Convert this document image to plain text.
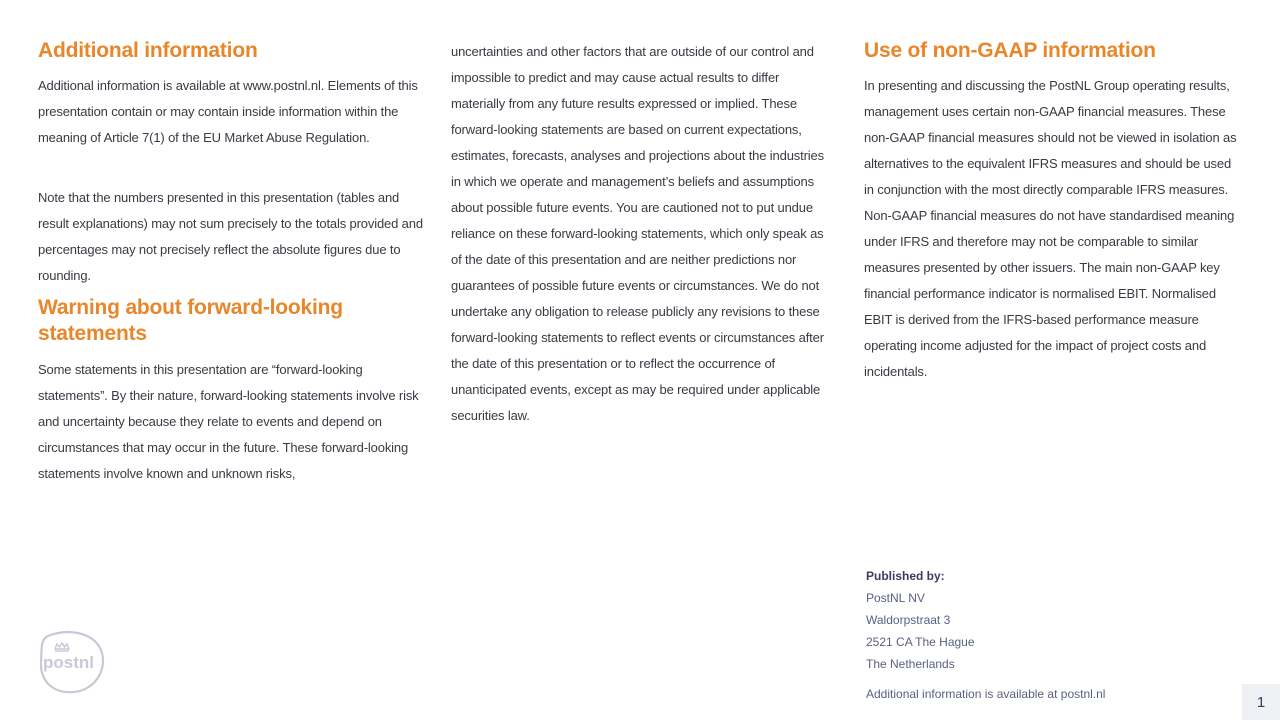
Additional information

Additional information is available at www.postnl.nl. Elements of this presentation contain or may contain inside information within the meaning of Article 7(1) of the EU Market Abuse Regulation.

Note that the numbers presented in this presentation (tables and result explanations) may not sum precisely to the totals provided and percentages may not precisely reflect the absolute figures due to rounding.

Warning about forward-looking statements

Some statements in this presentation are “forward-looking statements”. By their nature, forward-looking statements involve risk and uncertainty because they relate to events and depend on circumstances that may occur in the future. These forward-looking statements involve known and unknown risks,

uncertainties and other factors that are outside of our control and impossible to predict and may cause actual results to differ materially from any future results expressed or implied. These forward-looking statements are based on current expectations, estimates, forecasts, analyses and projections about the industries in which we operate and management’s beliefs and assumptions about possible future events. You are cautioned not to put undue reliance on these forward-looking statements, which only speak as of the date of this presentation and are neither predictions nor guarantees of possible future events or circumstances. We do not undertake any obligation to release publicly any revisions to these forward-looking statements to reflect events or circumstances after the date of this presentation or to reflect the occurrence of unanticipated events, except as may be required under applicable securities law.

Use of non-GAAP information

In presenting and discussing the PostNL Group operating results, management uses certain non-GAAP financial measures. These non-GAAP financial measures should not be viewed in isolation as alternatives to the equivalent IFRS measures and should be used in conjunction with the most directly comparable IFRS measures. Non-GAAP financial measures do not have standardised meaning under IFRS and therefore may not be comparable to similar measures presented by other issuers. The main non-GAAP key financial performance indicator is normalised EBIT. Normalised EBIT is derived from the IFRS-based performance measure operating income adjusted for the impact of project costs and incidentals.

Published by:
PostNL NV
Waldorpstraat 3
2521 CA The Hague
The Netherlands
Additional information is available at postnl.nl
postnl
1
